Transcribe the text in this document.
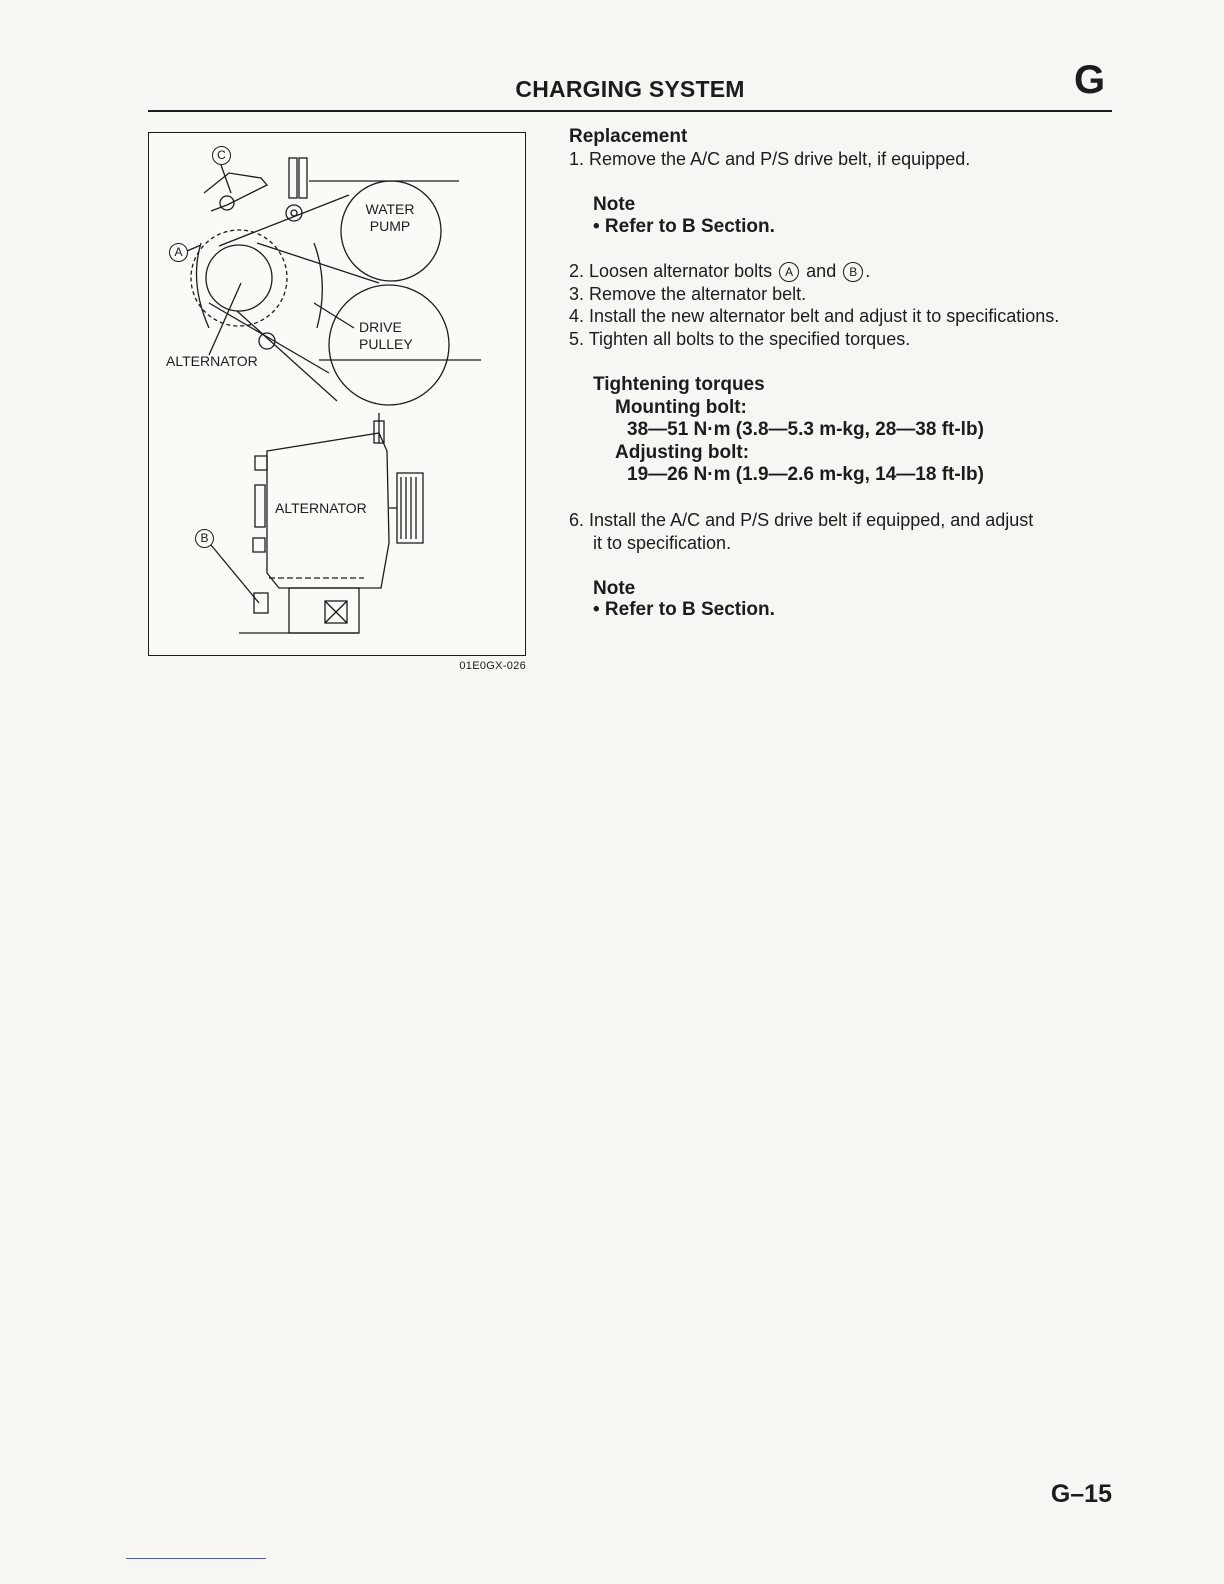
CHARGING SYSTEM	G
WATER
PUMP
DRIVE
PULLEY
ALTERNATOR
ALTERNATOR
C
A
B
01E0GX-026
Replacement
1. Remove the A/C and P/S drive belt, if equipped.
Note
• Refer to B Section.
2. Loosen alternator bolts A and B .
3. Remove the alternator belt.
4. Install the new alternator belt and adjust it to specifications.
5. Tighten all bolts to the specified torques.
Tightening torques
Mounting bolt:
38—51 N·m (3.8—5.3 m-kg, 28—38 ft-lb)
Adjusting bolt:
19—26 N·m (1.9—2.6 m-kg, 14—18 ft-lb)
6. Install the A/C and P/S drive belt if equipped, and adjust
it to specification.
Note
• Refer to B Section.
G–15
